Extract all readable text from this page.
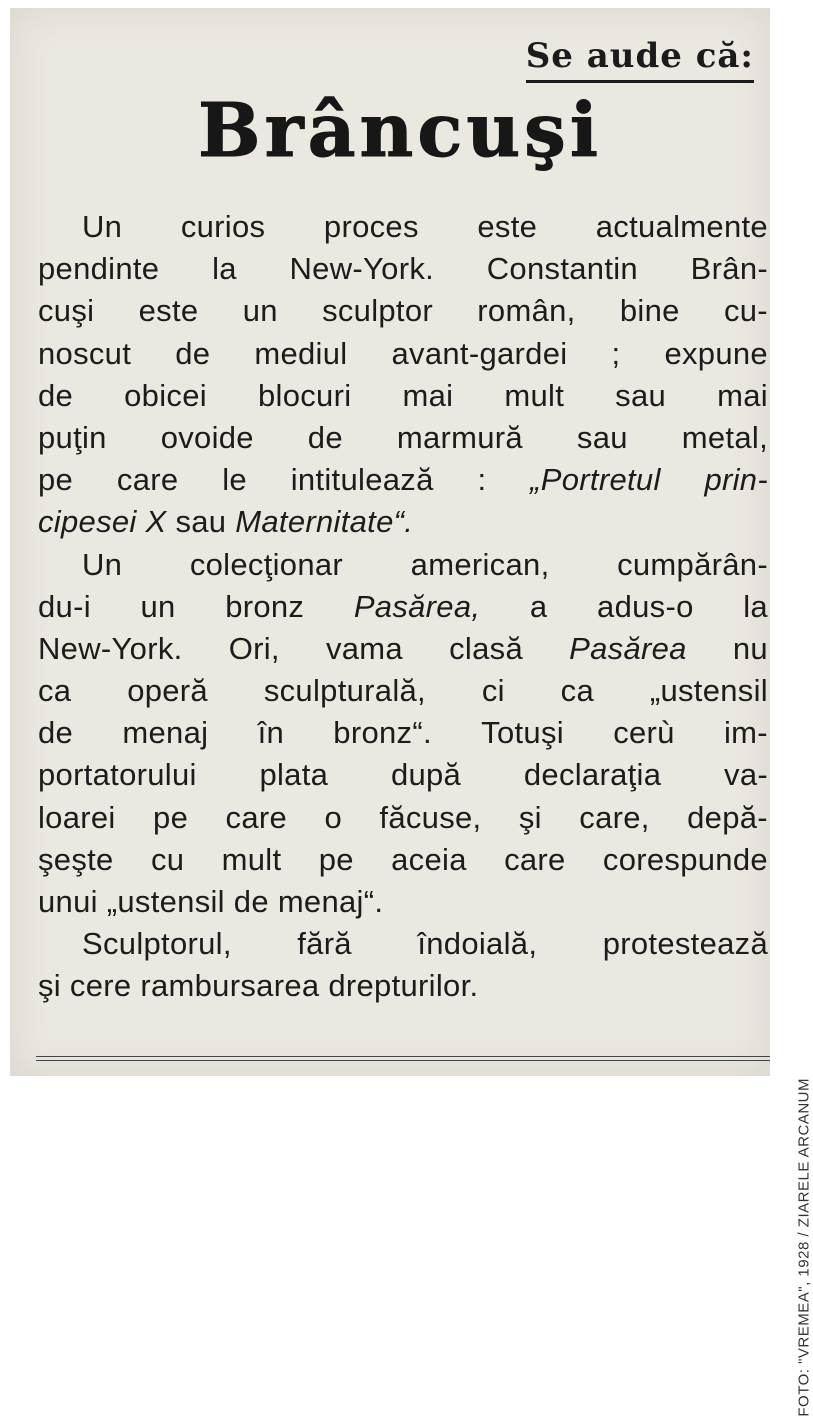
Se aude că:
Un curios proces este actualmente
pendinte la New-York. Constantin Brân-
cuşi este un sculptor român, bine cu-
noscut de mediul avant-gardei ; expune
de obicei blocuri mai mult sau mai
puţin ovoide de marmură sau metal,
pe care le intitulează : „Portretul prin-
cipesei X sau Maternitate“.
Un colecţionar american, cumpărân-
du-i un bronz Pasărea, a adus-o la
New-York. Ori, vama clasă Pasărea nu
ca operă sculpturală, ci ca „ustensil
de menaj în bronz“. Totuşi cerù im-
portatorului plata după declaraţia va-
loarei pe care o făcuse, şi care, depă-
şeşte cu mult pe aceia care corespunde
unui „ustensil de menaj“.
Sculptorul, fără îndoială, protestează
şi cere rambursarea drepturilor.
Brâncuşi
FOTO: "VREMEA", 1928 / ZIARELE ARCANUM
